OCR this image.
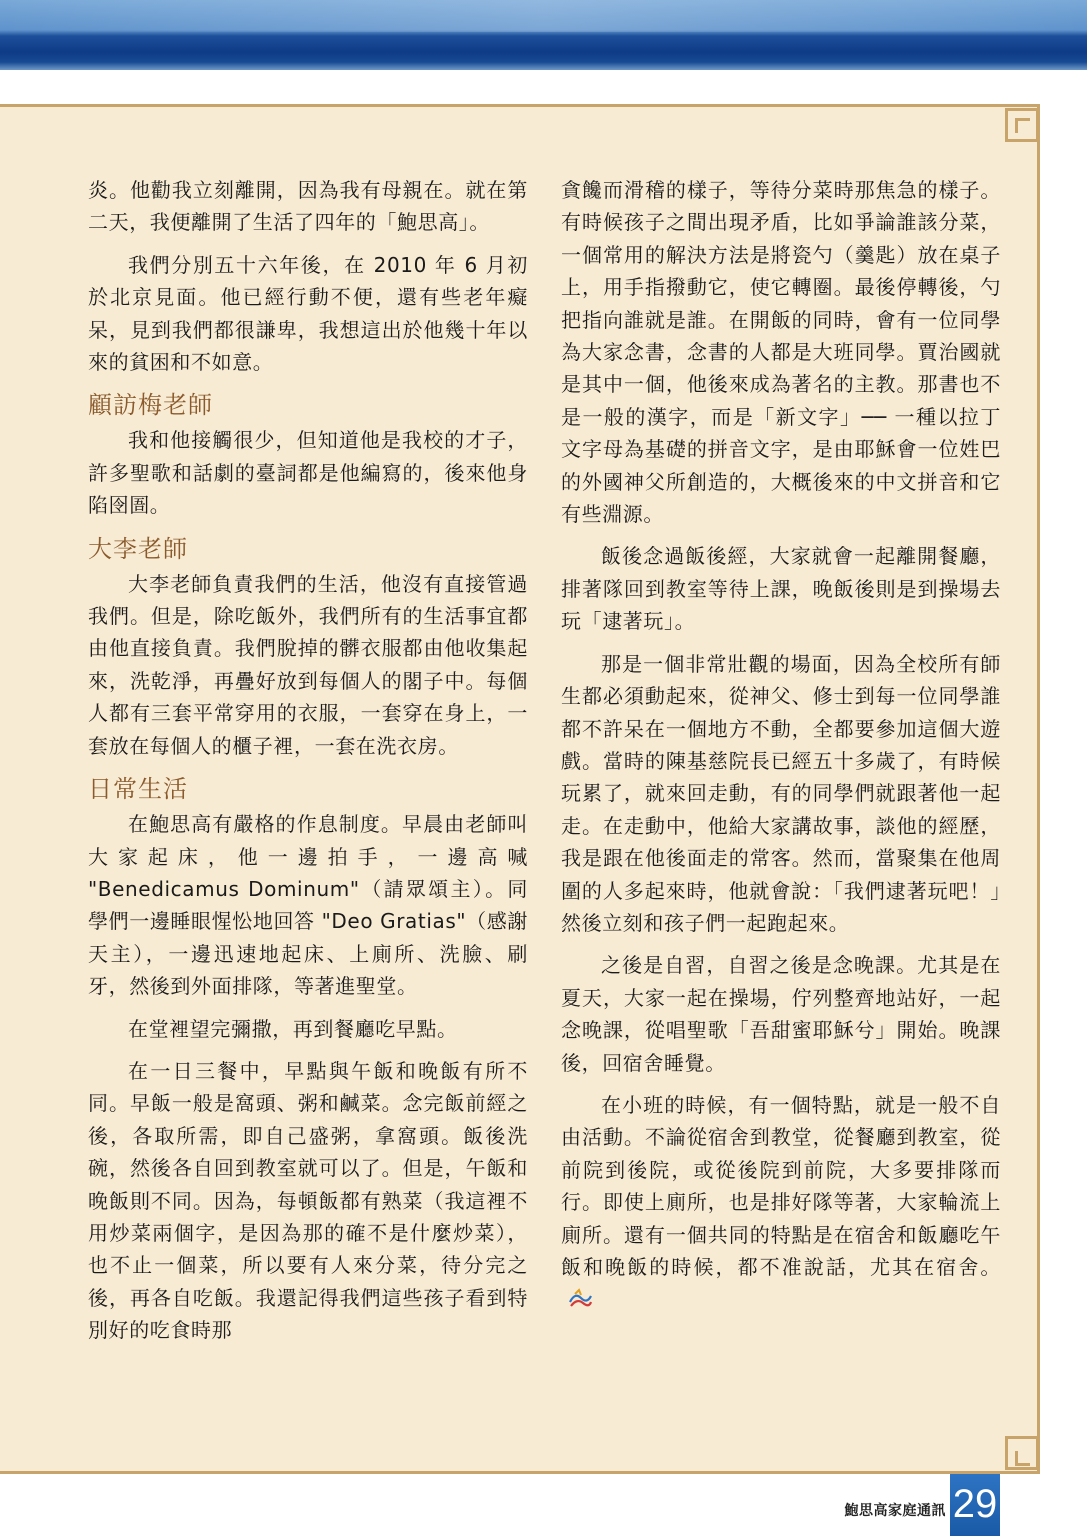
炎。他勸我立刻離開，因為我有母親在。就在第二天，我便離開了生活了四年的「鮑思高」。
我們分別五十六年後，在 2010 年 6 月初於北京見面。他已經行動不便，還有些老年癡呆，見到我們都很謙卑，我想這出於他幾十年以來的貧困和不如意。
顧訪梅老師
我和他接觸很少，但知道他是我校的才子，許多聖歌和話劇的臺詞都是他編寫的，後來他身陷囹圄。
大李老師
大李老師負責我們的生活，他沒有直接管過我們。但是，除吃飯外，我們所有的生活事宜都由他直接負責。我們脫掉的髒衣服都由他收集起來，洗乾淨，再疊好放到每個人的閣子中。每個人都有三套平常穿用的衣服，一套穿在身上，一套放在每個人的櫃子裡，一套在洗衣房。
日常生活
在鮑思高有嚴格的作息制度。早晨由老師叫大家起床，他一邊拍手，一邊高喊 "Benedicamus Dominum"（請眾頌主）。同學們一邊睡眼惺忪地回答 "Deo Gratias"（感謝天主），一邊迅速地起床、上廁所、洗臉、刷牙，然後到外面排隊，等著進聖堂。
在堂裡望完彌撒，再到餐廳吃早點。
在一日三餐中，早點與午飯和晚飯有所不同。早飯一般是窩頭、粥和鹹菜。念完飯前經之後，各取所需，即自己盛粥，拿窩頭。飯後洗碗，然後各自回到教室就可以了。但是，午飯和晚飯則不同。因為，每頓飯都有熟菜（我這裡不用炒菜兩個字，是因為那的確不是什麼炒菜），也不止一個菜，所以要有人來分菜，待分完之後，再各自吃飯。我還記得我們這些孩子看到特別好的吃食時那
貪饞而滑稽的樣子，等待分菜時那焦急的樣子。有時候孩子之間出現矛盾，比如爭論誰該分菜，一個常用的解決方法是將瓷勺（羹匙）放在桌子上，用手指撥動它，使它轉圈。最後停轉後，勺把指向誰就是誰。在開飯的同時，會有一位同學為大家念書，念書的人都是大班同學。賈治國就是其中一個，他後來成為著名的主教。那書也不是一般的漢字，而是「新文字」── 一種以拉丁文字母為基礎的拼音文字，是由耶穌會一位姓巴的外國神父所創造的，大概後來的中文拼音和它有些淵源。
飯後念過飯後經，大家就會一起離開餐廳，排著隊回到教室等待上課，晚飯後則是到操場去玩「逮著玩」。
那是一個非常壯觀的場面，因為全校所有師生都必須動起來，從神父、修士到每一位同學誰都不許呆在一個地方不動，全都要參加這個大遊戲。當時的陳基慈院長已經五十多歲了，有時候玩累了，就來回走動，有的同學們就跟著他一起走。在走動中，他給大家講故事，談他的經歷，我是跟在他後面走的常客。然而，當聚集在他周圍的人多起來時，他就會說：「我們逮著玩吧！」然後立刻和孩子們一起跑起來。
之後是自習，自習之後是念晚課。尤其是在夏天，大家一起在操場，佇列整齊地站好，一起念晚課，從唱聖歌「吾甜蜜耶穌兮」開始。晚課後，回宿舍睡覺。
在小班的時候，有一個特點，就是一般不自由活動。不論從宿舍到教堂，從餐廳到教室，從前院到後院，或從後院到前院，大多要排隊而行。即使上廁所，也是排好隊等著，大家輪流上廁所。還有一個共同的特點是在宿舍和飯廳吃午飯和晚飯的時候，都不准說話，尤其在宿舍。
鮑思高家庭通訊 29
